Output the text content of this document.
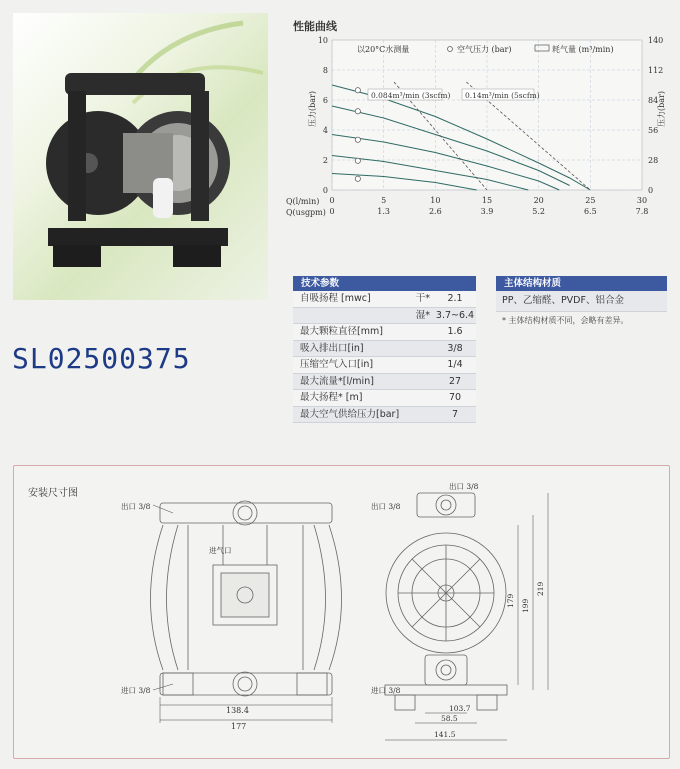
SL02500375
性能曲线
0
0
5
1.3
10
2.6
15
3.9
20
5.2
25
6.5
30
7.8
0	0
2	28
4	56
6	84
8	112
10	140
以20°C水测量	空气压力 (bar)	耗气量 (m³/min)
0.084m³/min (3scfm) 0.14m³/min (5scfm)
压力(bar)	压力(bar)
Q(l/min)
Q(usgpm)
技术参数
自吸扬程 [mwc]	干*	2.1
湿* 3.7~6.4
最大颗粒直径[mm]	1.6
吸入排出口[in]	3/8
压缩空气入口[in]	1/4
最大流量*[l/min]	27
最大扬程* [m]	70
最大空气供给压力[bar]	7
主体结构材质
PP、乙缩醛、PVDF、铝合金
* 主体结构材质不同，会略有差异。
安装尺寸图
出口 3/8
进口 3/8
进气口
138.4
177
出口 3/8
出口 3/8
进口 3/8
179 199
219
103.7
58.5
141.5
